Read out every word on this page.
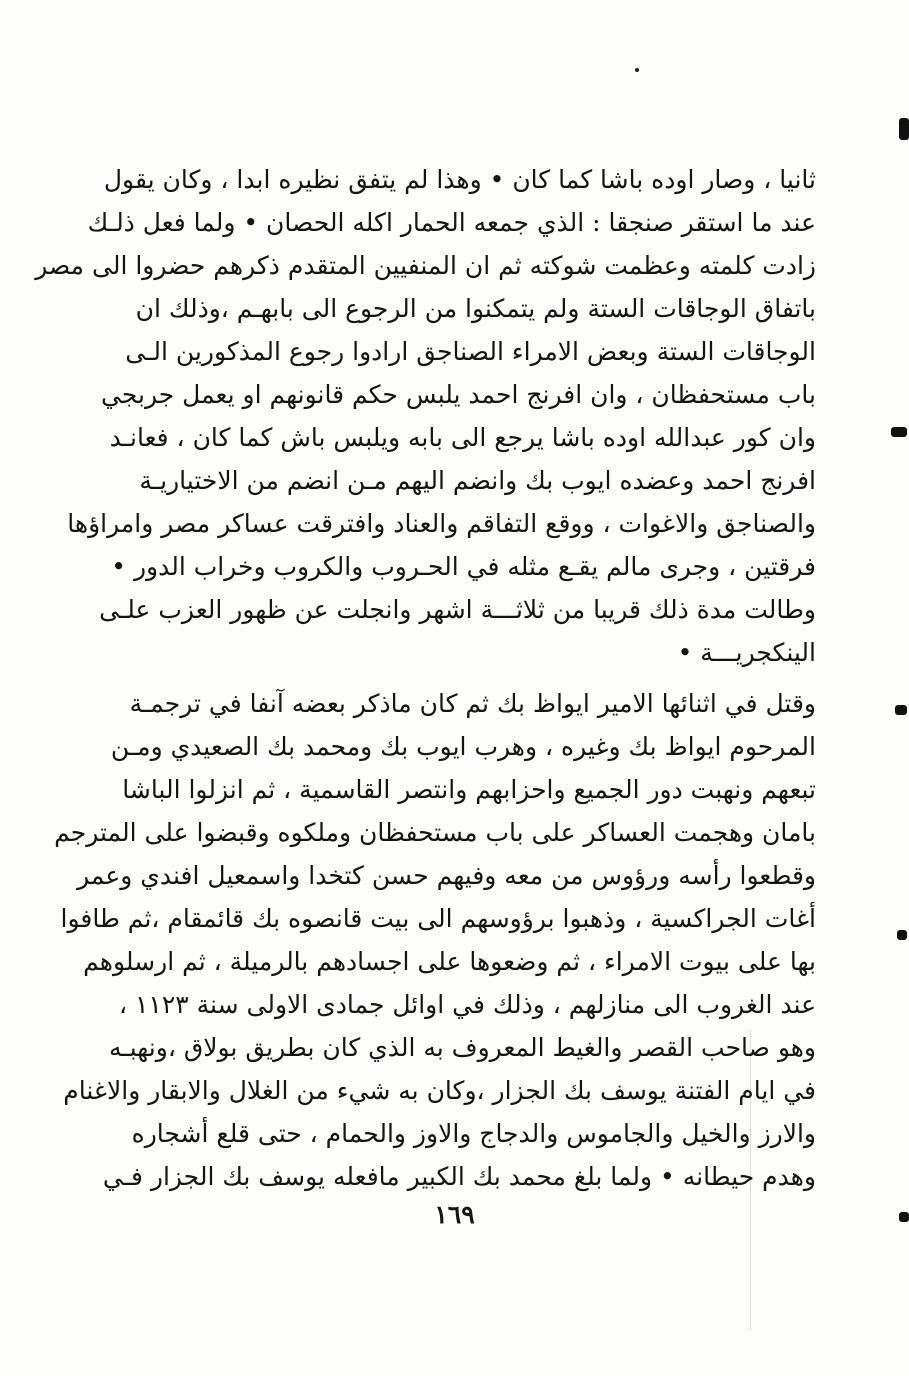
ثانيا ، وصار اوده باشا كما كان • وهذا لم يتفق نظيره ابدا ، وكان يقول
عند ما استقر صنجقا : الذي جمعه الحمار اكله الحصان • ولما فعل ذلـك
زادت كلمته وعظمت شوكته ثم ان المنفيين المتقدم ذكرهم حضروا الى مصر
باتفاق الوجاقات الستة ولم يتمكنوا من الرجوع الى بابهـم ،وذلك ان
الوجاقات الستة وبعض الامراء الصناجق ارادوا رجوع المذكورين الـى
باب مستحفظان ، وان افرنج احمد يلبس حكم قانونهم او يعمل جربجي
وان كور عبدالله اوده باشا يرجع الى بابه ويلبس باش كما كان ، فعانـد
افرنج احمد وعضده ايوب بك وانضم اليهم مـن انضم من الاختياريـة
والصناجق والاغوات ، ووقع التفاقم والعناد وافترقت عساكر مصر وامراؤها
فرقتين ، وجرى مالم يقـع مثله في الحـروب والكروب وخراب الدور •
وطالت مدة ذلك قريبا من ثلاثـــة اشهر وانجلت عن ظهور العزب علـى
الينكجريـــة •
وقتل في اثنائها الامير ايواظ بك ثم كان ماذكر بعضه آنفا في ترجمـة
المرحوم ايواظ بك وغيره ، وهرب ايوب بك ومحمد بك الصعيدي ومـن
تبعهم ونهبت دور الجميع واحزابهم وانتصر القاسمية ، ثم انزلوا الباشا
بامان وهجمت العساكر على باب مستحفظان وملكوه وقبضوا على المترجم
وقطعوا رأسه ورؤوس من معه وفيهم حسن كتخدا واسمعيل افندي وعمر
أغات الجراكسية ، وذهبوا برؤوسهم الى بيت قانصوه بك قائمقام ،ثم طافوا
بها على بيوت الامراء ، ثم وضعوها على اجسادهم بالرميلة ، ثم ارسلوهم
عند الغروب الى منازلهم ، وذلك في اوائل جمادى الاولى سنة ١١٢٣ ،
وهو صاحب القصر والغيط المعروف به الذي كان بطريق بولاق ،ونهبـه
في ايام الفتنة يوسف بك الجزار ،وكان به شيء من الغلال والابقار والاغنام
والارز والخيل والجاموس والدجاج والاوز والحمام ، حتى قلع أشجاره
وهدم حيطانه • ولما بلغ محمد بك الكبير مافعله يوسف بك الجزار فـي
١٦٩
